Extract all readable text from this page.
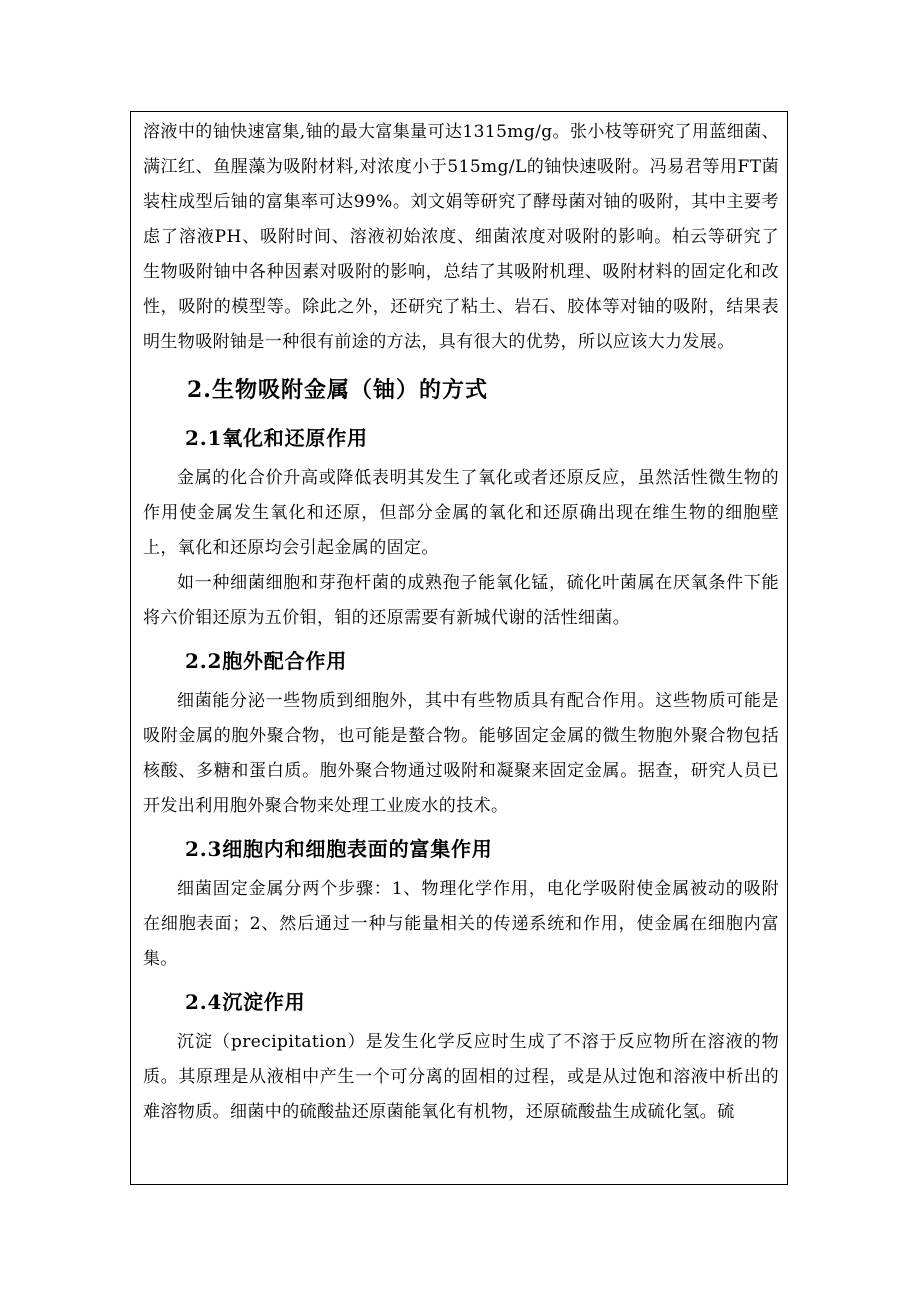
溶液中的铀快速富集,铀的最大富集量可达1315mg/g。张小枝等研究了用蓝细菌、满江红、鱼腥藻为吸附材料,对浓度小于515mg/L的铀快速吸附。冯易君等用FT菌装柱成型后铀的富集率可达99%。刘文娟等研究了酵母菌对铀的吸附，其中主要考虑了溶液PH、吸附时间、溶液初始浓度、细菌浓度对吸附的影响。柏云等研究了生物吸附铀中各种因素对吸附的影响，总结了其吸附机理、吸附材料的固定化和改性，吸附的模型等。除此之外，还研究了粘土、岩石、胶体等对铀的吸附，结果表明生物吸附铀是一种很有前途的方法，具有很大的优势，所以应该大力发展。

2.生物吸附金属（铀）的方式
2.1氧化和还原作用

金属的化合价升高或降低表明其发生了氧化或者还原反应，虽然活性微生物的作用使金属发生氧化和还原，但部分金属的氧化和还原确出现在维生物的细胞壁上，氧化和还原均会引起金属的固定。

如一种细菌细胞和芽孢杆菌的成熟孢子能氧化锰，硫化叶菌属在厌氧条件下能将六价钼还原为五价钼，钼的还原需要有新城代谢的活性细菌。

2.2胞外配合作用

细菌能分泌一些物质到细胞外，其中有些物质具有配合作用。这些物质可能是吸附金属的胞外聚合物，也可能是螯合物。能够固定金属的微生物胞外聚合物包括核酸、多糖和蛋白质。胞外聚合物通过吸附和凝聚来固定金属。据查，研究人员已开发出利用胞外聚合物来处理工业废水的技术。

2.3细胞内和细胞表面的富集作用

细菌固定金属分两个步骤：1、物理化学作用，电化学吸附使金属被动的吸附在细胞表面；2、然后通过一种与能量相关的传递系统和作用，使金属在细胞内富集。

2.4沉淀作用

沉淀（precipitation）是发生化学反应时生成了不溶于反应物所在溶液的物质。其原理是从液相中产生一个可分离的固相的过程，或是从过饱和溶液中析出的难溶物质。细菌中的硫酸盐还原菌能氧化有机物，还原硫酸盐生成硫化氢。硫
